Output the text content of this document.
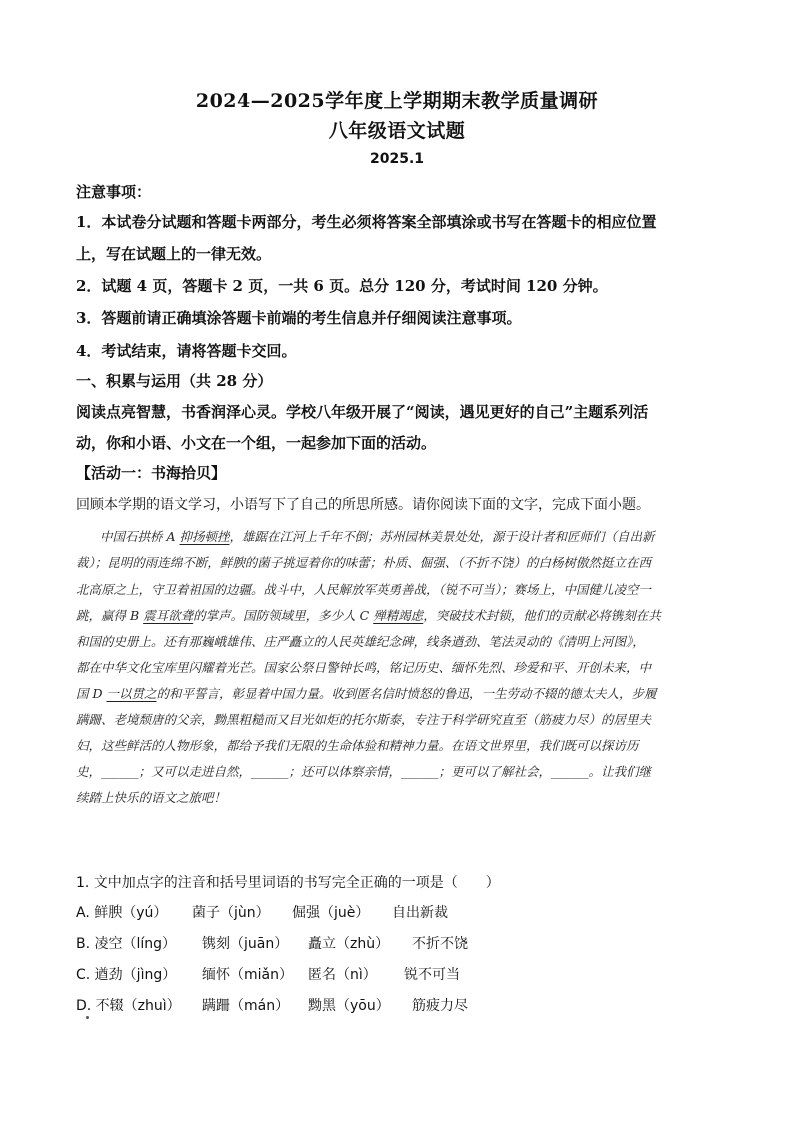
2024—2025学年度上学期期末教学质量调研
八年级语文试题
2025.1
注意事项：
1．本试卷分试题和答题卡两部分，考生必须将答案全部填涂或书写在答题卡的相应位置
上，写在试题上的一律无效。
2．试题 4 页，答题卡 2 页，一共 6 页。总分 120 分，考试时间 120 分钟。
3．答题前请正确填涂答题卡前端的考生信息并仔细阅读注意事项。
4．考试结束，请将答题卡交回。
一、积累与运用（共 28 分）
阅读点亮智慧，书香润泽心灵。学校八年级开展了“阅读，遇见更好的自己”主题系列活
动，你和小语、小文在一个组，一起参加下面的活动。
【活动一：书海拾贝】
回顾本学期的语文学习，小语写下了自己的所思所感。请你阅读下面的文字，完成下面小题。
中国石拱桥 A 抑扬顿挫，雄踞在江河上千年不倒；苏州园林美景处处，源于设计者和匠师们（自出新
裁）；昆明的雨连绵不断，鲜腴的菌子挑逗着你的味蕾；朴质、倔强、（不折不饶）的白杨树傲然挺立在西
北高原之上，守卫着祖国的边疆。战斗中，人民解放军英勇善战，（锐不可当）；赛场上，中国健儿凌空一
跳，赢得 B 震耳欲聋的掌声。国防领域里，多少人 C 殚精竭虑，突破技术封锁，他们的贡献必将镌刻在共
和国的史册上。还有那巍峨雄伟、庄严矗立的人民英雄纪念碑，线条遒劲、笔法灵动的《清明上河图》，
都在中华文化宝库里闪耀着光芒。国家公祭日警钟长鸣，铭记历史、缅怀先烈、珍爱和平、开创未来，中
国 D 一以贯之的和平誓言，彰显着中国力量。收到匿名信时愤怒的鲁迅，一生劳动不辍的德太夫人，步履
蹒跚、老境颓唐的父亲，黝黑粗糙而又目光如炬的托尔斯泰，专注于科学研究直至（筋疲力尽）的居里夫
妇，这些鲜活的人物形象，都给予我们无限的生命体验和精神力量。在语文世界里，我们既可以探访历
史，______；又可以走进自然，______；还可以体察亲情，______；更可以了解社会，______。让我们继
续踏上快乐的语文之旅吧！
1. 文中加点字的注音和括号里词语的书写完全正确的一项是（　　）
A. 鲜腴（yú） 菌子（jùn） 倔强（juè） 自出新裁
B. 凌空（líng） 镌刻（juān） 矗立（zhù） 不折不饶
C. 遒劲（jìng） 缅怀（miǎn） 匿名（nì） 锐不可当
D. 不辍（zhuì） 蹒跚（mán） 黝黑（yōu） 筋疲力尽
